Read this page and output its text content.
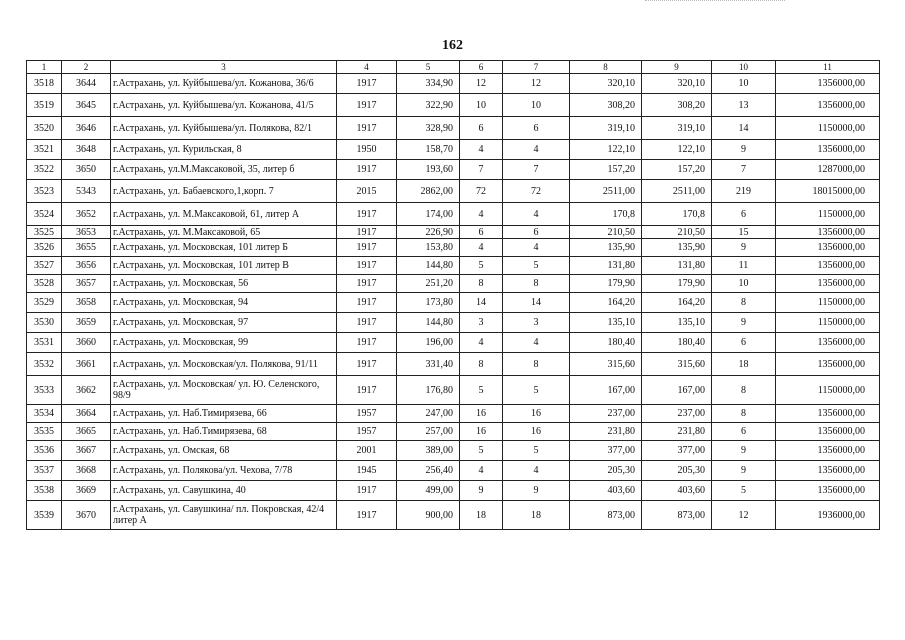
162
1	2	3	4	5	6	7	8	9	10	11
3518	3644	г.Астрахань, ул. Куйбышева/ул. Кожанова, 36/6	1917	334,90	12	12	320,10	320,10	10	1356000,00
3519	3645	г.Астрахань, ул. Куйбышева/ул. Кожанова, 41/5	1917	322,90	10	10	308,20	308,20	13	1356000,00
3520	3646	г.Астрахань, ул. Куйбышева/ул. Полякова, 82/1	1917	328,90	6	6	319,10	319,10	14	1150000,00
3521	3648	г.Астрахань, ул. Курильская, 8	1950	158,70	4	4	122,10	122,10	9	1356000,00
3522	3650	г.Астрахань, ул.М.Максаковой, 35, литер б	1917	193,60	7	7	157,20	157,20	7	1287000,00
3523	5343	г.Астрахань, ул. Бабаевского,1,корп. 7	2015	2862,00	72	72	2511,00	2511,00	219	18015000,00
3524	3652	г.Астрахань, ул. М.Максаковой, 61, литер А	1917	174,00	4	4	170,8	170,8	6	1150000,00
3525	3653	г.Астрахань, ул. М.Максаковой, 65	1917	226,90	6	6	210,50	210,50	15	1356000,00
3526	3655	г.Астрахань, ул. Московская, 101 литер Б	1917	153,80	4	4	135,90	135,90	9	1356000,00
3527	3656	г.Астрахань, ул. Московская, 101 литер В	1917	144,80	5	5	131,80	131,80	11	1356000,00
3528	3657	г.Астрахань, ул. Московская, 56	1917	251,20	8	8	179,90	179,90	10	1356000,00
3529	3658	г.Астрахань, ул. Московская, 94	1917	173,80	14	14	164,20	164,20	8	1150000,00
3530	3659	г.Астрахань, ул. Московская, 97	1917	144,80	3	3	135,10	135,10	9	1150000,00
3531	3660	г.Астрахань, ул. Московская, 99	1917	196,00	4	4	180,40	180,40	6	1356000,00
3532	3661	г.Астрахань, ул. Московская/ул. Полякова, 91/11	1917	331,40	8	8	315,60	315,60	18	1356000,00
3533	3662	г.Астрахань, ул. Московская/ ул. Ю. Селенского, 98/9	1917	176,80	5	5	167,00	167,00	8	1150000,00
3534	3664	г.Астрахань, ул. Наб.Тимирязева, 66	1957	247,00	16	16	237,00	237,00	8	1356000,00
3535	3665	г.Астрахань, ул. Наб.Тимирязева, 68	1957	257,00	16	16	231,80	231,80	6	1356000,00
3536	3667	г.Астрахань, ул. Омская, 68	2001	389,00	5	5	377,00	377,00	9	1356000,00
3537	3668	г.Астрахань, ул. Полякова/ул. Чехова, 7/78	1945	256,40	4	4	205,30	205,30	9	1356000,00
3538	3669	г.Астрахань, ул. Савушкина, 40	1917	499,00	9	9	403,60	403,60	5	1356000,00
3539	3670	г.Астрахань, ул. Савушкина/ пл. Покровская, 42/4 литер А	1917	900,00	18	18	873,00	873,00	12	1936000,00
